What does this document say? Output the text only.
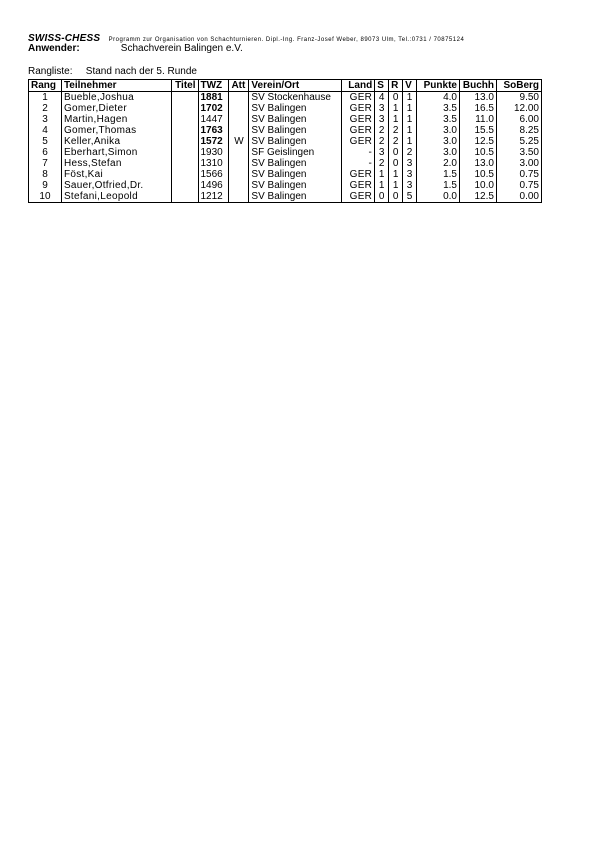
SWISS-CHESS Programm zur Organisation von Schachturnieren. Dipl.-Ing. Franz-Josef Weber, 89073 Ulm, Tel.:0731 / 70875124
Anwender:	Schachverein Balingen e.V.
Rangliste: Stand nach der 5. Runde
Rang	Teilnehmer	Titel	TWZ	Att	Verein/Ort	Land	S	R	V	Punkte	Buchh	SoBerg
1	Bueble,Joshua		1881		SV Stockenhause	GER	4	0	1	4.0	13.0	9.50
2	Gomer,Dieter		1702		SV Balingen	GER	3	1	1	3.5	16.5	12.00
3	Martin,Hagen		1447		SV Balingen	GER	3	1	1	3.5	11.0	6.00
4	Gomer,Thomas		1763		SV Balingen	GER	2	2	1	3.0	15.5	8.25
5	Keller,Anika		1572	W	SV Balingen	GER	2	2	1	3.0	12.5	5.25
6	Eberhart,Simon		1930		SF Geislingen	-	3	0	2	3.0	10.5	3.50
7	Hess,Stefan		1310		SV Balingen	-	2	0	3	2.0	13.0	3.00
8	Föst,Kai		1566		SV Balingen	GER	1	1	3	1.5	10.5	0.75
9	Sauer,Otfried,Dr.		1496		SV Balingen	GER	1	1	3	1.5	10.0	0.75
10	Stefani,Leopold		1212		SV Balingen	GER	0	0	5	0.0	12.5	0.00
